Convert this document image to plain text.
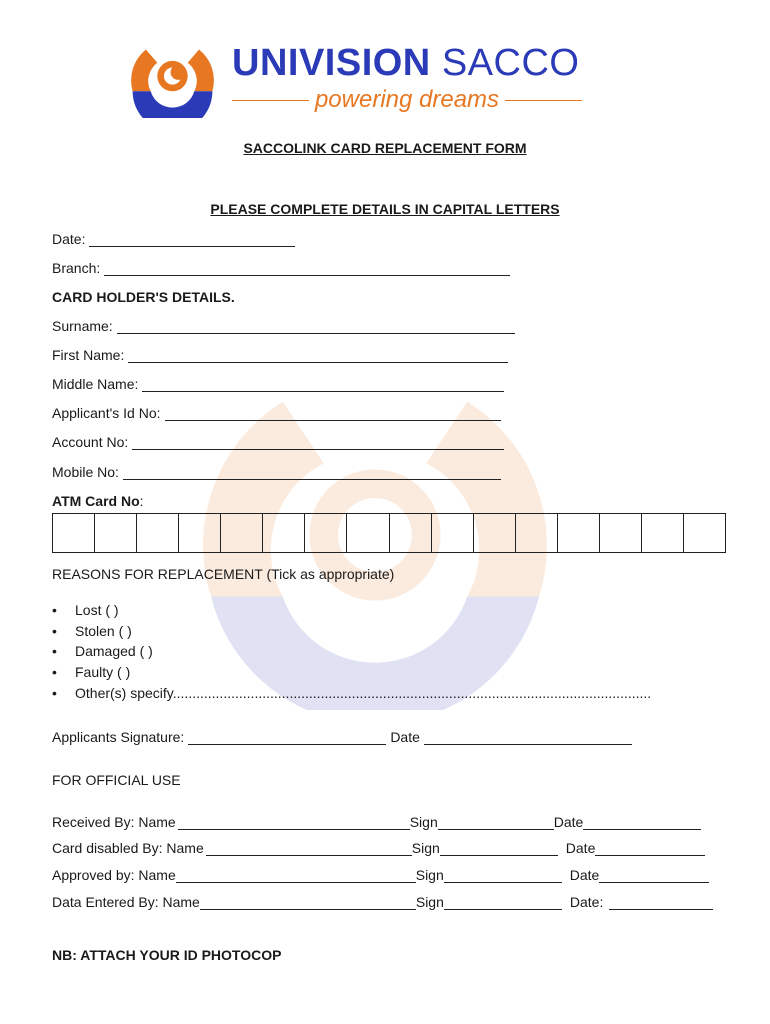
UNIVISION SACCO
powering dreams
SACCOLINK CARD REPLACEMENT FORM
PLEASE COMPLETE DETAILS IN CAPITAL LETTERS
Date:
Branch:
CARD HOLDER'S DETAILS.
Surname:
First Name:
Middle Name:
Applicant's Id No:
Account No:
Mobile No:
ATM Card No :
REASONS FOR REPLACEMENT (Tick as appropriate)
•	Lost ( )
•	Stolen ( )
•	Damaged ( )
•	Faulty ( )
•	Other(s) specify...........................................................................................................................
Applicants Signature:	Date
FOR OFFICIAL USE
Received By: Name	Sign	Date
Card disabled By: Name	Sign	Date
Approved by: Name	Sign	Date
Data Entered By: Name	Sign	Date:
NB: ATTACH YOUR ID PHOTOCOP
